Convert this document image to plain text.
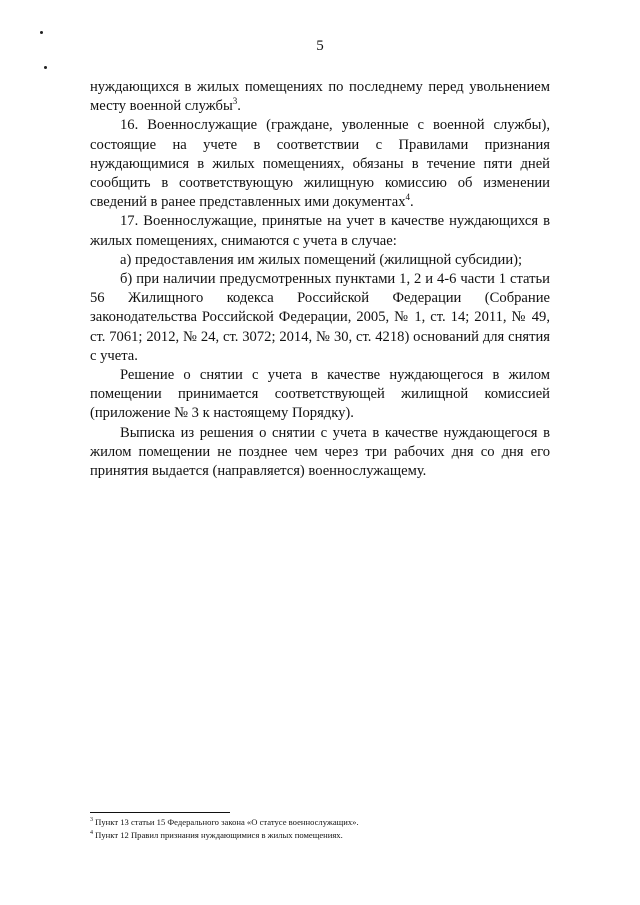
5

нуждающихся в жилых помещениях по последнему перед увольнением месту военной службы$^3$.

16. Военнослужащие (граждане, уволенные с военной службы), состоящие на учете в соответствии с Правилами признания нуждающимися в жилых помещениях, обязаны в течение пяти дней сообщить в соответствующую жилищную комиссию об изменении сведений в ранее представленных ими документах$^4$.

17. Военнослужащие, принятые на учет в качестве нуждающихся в жилых помещениях, снимаются с учета в случае:

а) предоставления им жилых помещений (жилищной субсидии);

б) при наличии предусмотренных пунктами 1, 2 и 4-6 части 1 статьи 56 Жилищного кодекса Российской Федерации (Собрание законодательства Российской Федерации, 2005, № 1, ст. 14; 2011, № 49, ст. 7061; 2012, № 24, ст. 3072; 2014, № 30, ст. 4218) оснований для снятия с учета.

Решение о снятии с учета в качестве нуждающегося в жилом помещении принимается соответствующей жилищной комиссией (приложение № 3 к настоящему Порядку).

Выписка из решения о снятии с учета в качестве нуждающегося в жилом помещении не позднее чем через три рабочих дня со дня его принятия выдается (направляется) военнослужащему.

$^3$ Пункт 13 статьи 15 Федерального закона «О статусе военнослужащих».
$^4$ Пункт 12 Правил признания нуждающимися в жилых помещениях.
